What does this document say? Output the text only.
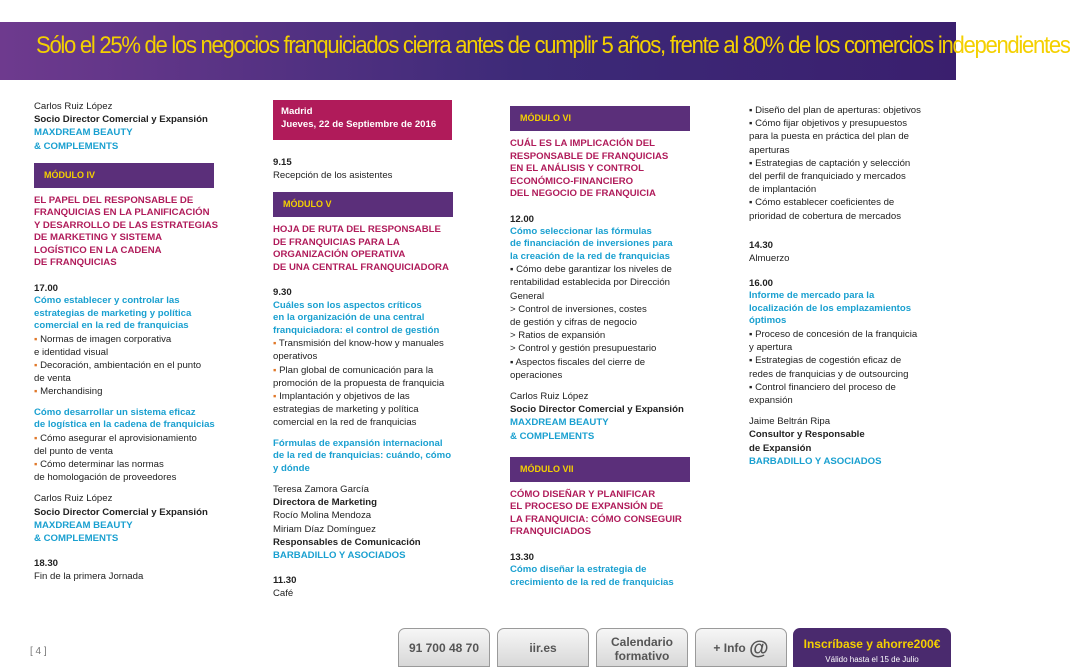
Sólo el 25% de los negocios franquiciados cierra antes de cumplir 5 años, frente al 80% de los comercios independientes
Carlos Ruiz López
Socio Director Comercial y Expansión
MAXDREAM BEAUTY
& COMPLEMENTS
MÓDULO IV
EL PAPEL DEL RESPONSABLE DE
FRANQUICIAS EN LA PLANIFICACIÓN
Y DESARROLLO DE LAS ESTRATEGIAS
DE MARKETING Y SISTEMA
LOGÍSTICO EN LA CADENA
DE FRANQUICIAS
17.00
Cómo establecer y controlar las
estrategias de marketing y política
comercial en la red de franquicias
▪ Normas de imagen corporativa
e identidad visual
▪ Decoración, ambientación en el punto
de venta
▪ Merchandising
Cómo desarrollar un sistema eficaz
de logística en la cadena de franquicias
▪ Cómo asegurar el aprovisionamiento
del punto de venta
▪ Cómo determinar las normas
de homologación de proveedores
Carlos Ruiz López
Socio Director Comercial y Expansión
MAXDREAM BEAUTY
& COMPLEMENTS
18.30
Fin de la primera Jornada
Madrid
Jueves, 22 de Septiembre de 2016
9.15
Recepción de los asistentes
MÓDULO V
HOJA DE RUTA DEL RESPONSABLE
DE FRANQUICIAS PARA LA
ORGANIZACIÓN OPERATIVA
DE UNA CENTRAL FRANQUICIADORA
9.30
Cuáles son los aspectos críticos
en la organización de una central
franquiciadora: el control de gestión
▪ Transmisión del know-how y manuales
operativos
▪ Plan global de comunicación para la
promoción de la propuesta de franquicia
▪ Implantación y objetivos de las
estrategias de marketing y política
comercial en la red de franquicias
Fórmulas de expansión internacional
de la red de franquicias: cuándo, cómo
y dónde
Teresa Zamora García
Directora de Marketing
Rocío Molina Mendoza
Miriam Díaz Domínguez
Responsables de Comunicación
BARBADILLO Y ASOCIADOS
11.30
Café
MÓDULO VI
CUÁL ES LA IMPLICACIÓN DEL
RESPONSABLE DE FRANQUICIAS
EN EL ANÁLISIS Y CONTROL
ECONÓMICO-FINANCIERO
DEL NEGOCIO DE FRANQUICIA
12.00
Cómo seleccionar las fórmulas
de financiación de inversiones para
la creación de la red de franquicias
▪ Cómo debe garantizar los niveles de
rentabilidad establecida por Dirección
General
> Control de inversiones, costes
de gestión y cifras de negocio
> Ratios de expansión
> Control y gestión presupuestario
▪ Aspectos fiscales del cierre de
operaciones
Carlos Ruiz López
Socio Director Comercial y Expansión
MAXDREAM BEAUTY
& COMPLEMENTS
MÓDULO VII
CÓMO DISEÑAR Y PLANIFICAR
EL PROCESO DE EXPANSIÓN DE
LA FRANQUICIA: CÓMO CONSEGUIR
FRANQUICIADOS
13.30
Cómo diseñar la estrategia de
crecimiento de la red de franquicias
▪ Diseño del plan de aperturas: objetivos
▪ Cómo fijar objetivos y presupuestos
para la puesta en práctica del plan de
aperturas
▪ Estrategias de captación y selección
del perfil de franquiciado y mercados
de implantación
▪ Cómo establecer coeficientes de
prioridad de cobertura de mercados
14.30
Almuerzo
16.00
Informe de mercado para la
localización de los emplazamientos
óptimos
▪ Proceso de concesión de la franquicia
y apertura
▪ Estrategias de cogestión eficaz de
redes de franquicias y de outsourcing
▪ Control financiero del proceso de
expansión
Jaime Beltrán Ripa
Consultor y Responsable
de Expansión
BARBADILLO Y ASOCIADOS
[ 4 ]	91 700 48 70	iir.es	Calendario
formativo
+ Info @	Inscríbase y ahorre200€
Válido hasta el 15 de Julio
